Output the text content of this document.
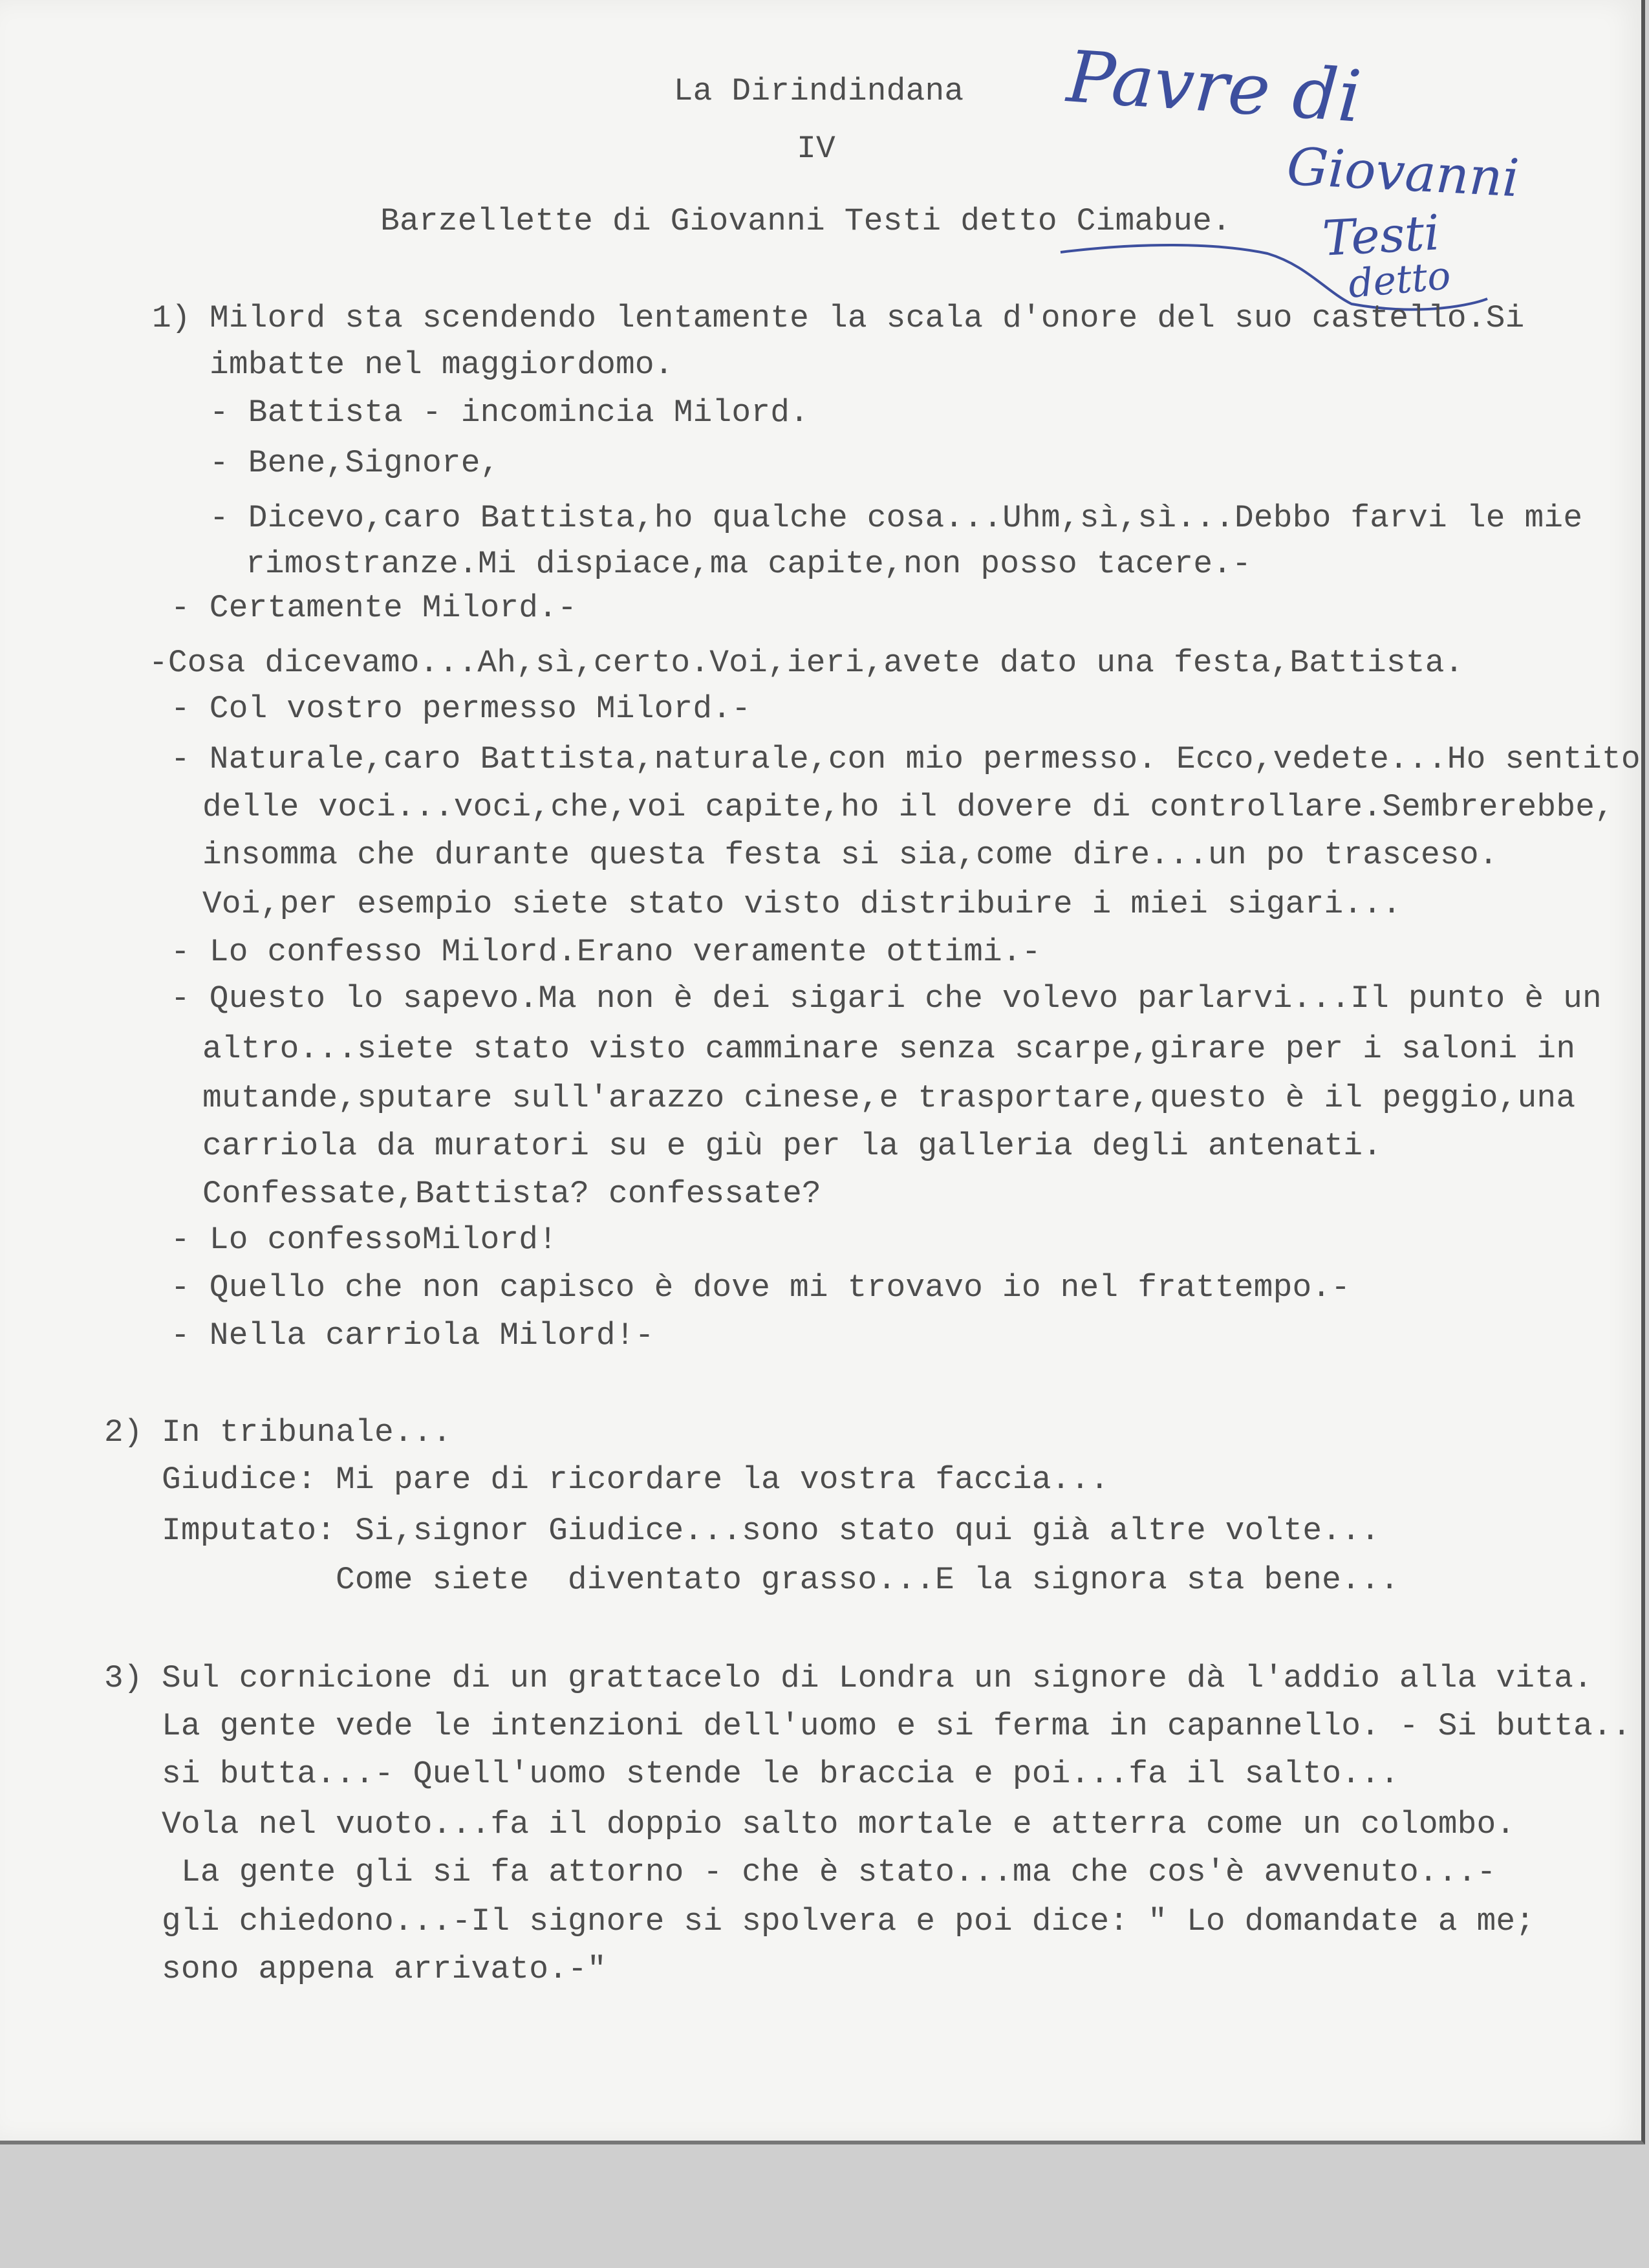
La Dirindindana
IV
Barzellette di Giovanni Testi detto Cimabue.
Pavre di
Giovanni
Testi
detto
1) Milord sta scendendo lentamente la scala d'onore del suo castello.Si
imbatte nel maggiordomo.
- Battista - incomincia Milord.
- Bene,Signore,
- Dicevo,caro Battista,ho qualche cosa...Uhm,sì,sì...Debbo farvi le mie
rimostranze.Mi dispiace,ma capite,non posso tacere.-
- Certamente Milord.-
-Cosa dicevamo...Ah,sì,certo.Voi,ieri,avete dato una festa,Battista.
- Col vostro permesso Milord.-
- Naturale,caro Battista,naturale,con mio permesso. Ecco,vedete...Ho sentito
delle voci...voci,che,voi capite,ho il dovere di controllare.Sembrerebbe,
insomma che durante questa festa si sia,come dire...un po trasceso.
Voi,per esempio siete stato visto distribuire i miei sigari...
- Lo confesso Milord.Erano veramente ottimi.-
- Questo lo sapevo.Ma non è dei sigari che volevo parlarvi...Il punto è un
altro...siete stato visto camminare senza scarpe,girare per i saloni in
mutande,sputare sull'arazzo cinese,e trasportare,questo è il peggio,una
carriola da muratori su e giù per la galleria degli antenati.
Confessate,Battista? confessate?
- Lo confessoMilord!
- Quello che non capisco è dove mi trovavo io nel frattempo.-
- Nella carriola Milord!-
2) In tribunale...
Giudice: Mi pare di ricordare la vostra faccia...
Imputato: Si,signor Giudice...sono stato qui già altre volte...
Come siete  diventato grasso...E la signora sta bene...
3) Sul cornicione di un grattacelo di Londra un signore dà l'addio alla vita.
La gente vede le intenzioni dell'uomo e si ferma in capannello. - Si butta..
si butta...- Quell'uomo stende le braccia e poi...fa il salto...
Vola nel vuoto...fa il doppio salto mortale e atterra come un colombo.
La gente gli si fa attorno - che è stato...ma che cos'è avvenuto...-
gli chiedono...-Il signore si spolvera e poi dice: " Lo domandate a me;
sono appena arrivato.-"
